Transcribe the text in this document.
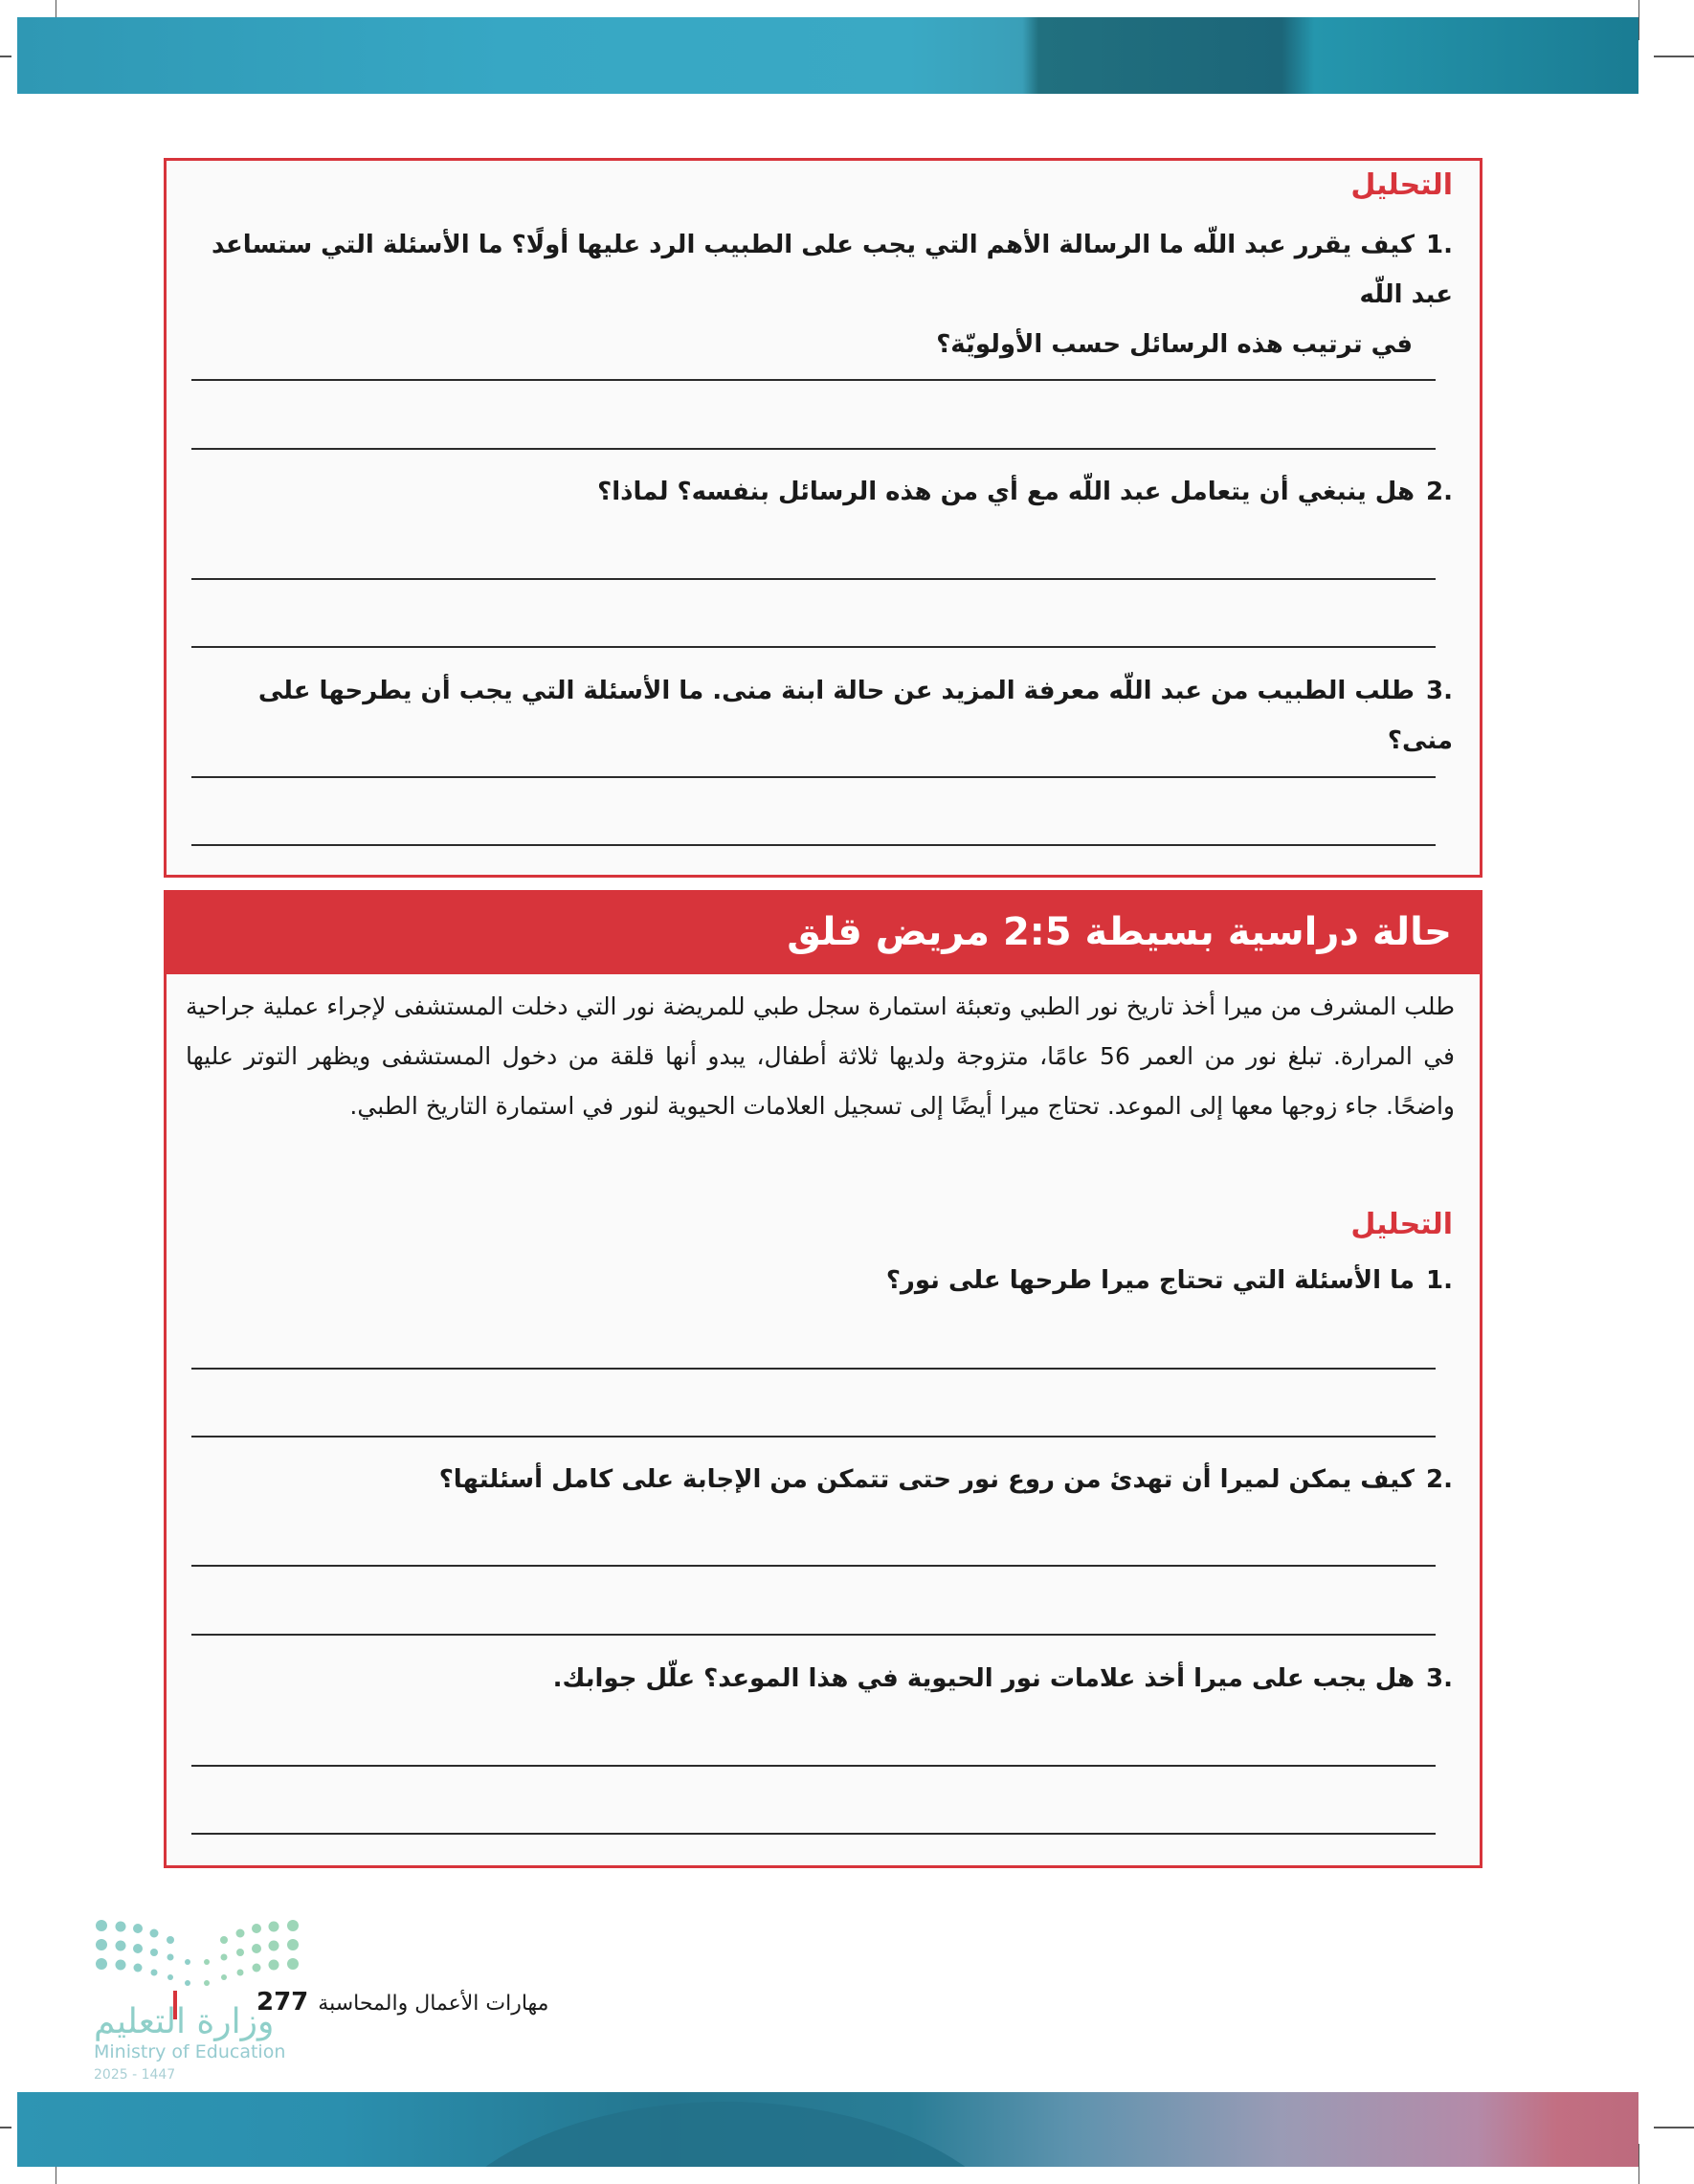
التحليل
.1كيف يقرر عبد اللّه ما الرسالة الأهم التي يجب على الطبيب الرد عليها أولًا؟ ما الأسئلة التي ستساعد عبد اللّه
في ترتيب هذه الرسائل حسب الأولويّة؟
.2هل ينبغي أن يتعامل عبد اللّه مع أي من هذه الرسائل بنفسه؟ لماذا؟
.3طلب الطبيب من عبد اللّه معرفة المزيد عن حالة ابنة منى. ما الأسئلة التي يجب أن يطرحها على منى؟
حالة دراسية بسيطة 2:5 مريض قلق
طلب المشرف من ميرا أخذ تاريخ نور الطبي وتعبئة استمارة سجل طبي للمريضة نور التي دخلت المستشفى لإجراء عملية جراحية في المرارة. تبلغ نور من العمر 56 عامًا، متزوجة ولديها ثلاثة أطفال، يبدو أنها قلقة من دخول المستشفى ويظهر التوتر عليها واضحًا. جاء زوجها معها إلى الموعد. تحتاج ميرا أيضًا إلى تسجيل العلامات الحيوية لنور في استمارة التاريخ الطبي.
التحليل
.1ما الأسئلة التي تحتاج ميرا طرحها على نور؟
.2كيف يمكن لميرا أن تهدئ من روع نور حتى تتمكن من الإجابة على كامل أسئلتها؟
.3هل يجب على ميرا أخذ علامات نور الحيوية في هذا الموعد؟ علّل جوابك.
مهارات الأعمال والمحاسبة
277
وزارة التعليم
Ministry of Education
2025 - 1447
